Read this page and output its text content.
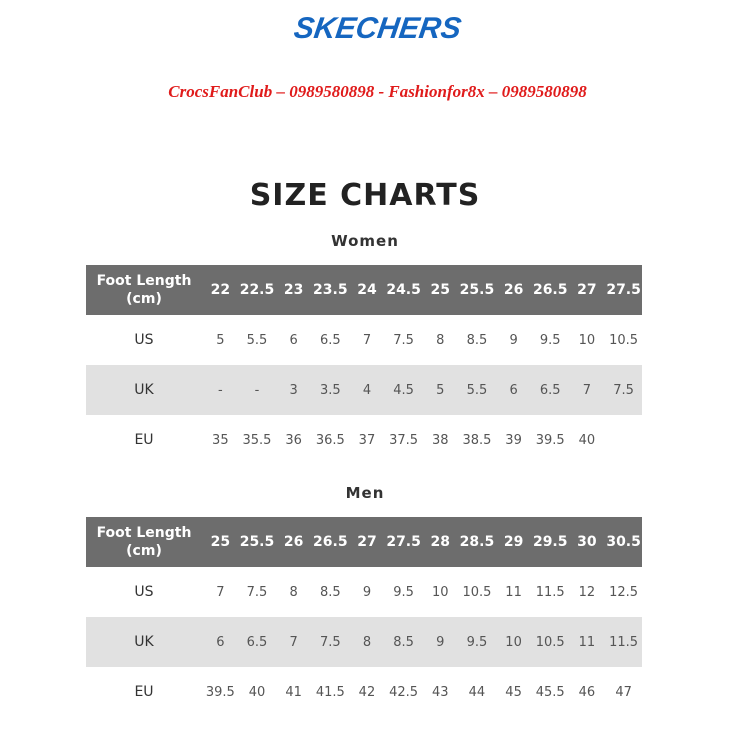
SKECHERS
CrocsFanClub – 0989580898 - Fashionfor8x – 0989580898
SIZE CHARTS
Women
Foot Length
(cm)	22	22.5	23	23.5	24	24.5	25	25.5	26	26.5	27	27.5
US	5	5.5	6	6.5	7	7.5	8	8.5	9	9.5	10	10.5
UK	-	-	3	3.5	4	4.5	5	5.5	6	6.5	7	7.5
EU	35	35.5	36	36.5	37	37.5	38	38.5	39	39.5	40	
Men
Foot Length
(cm)	25	25.5	26	26.5	27	27.5	28	28.5	29	29.5	30	30.5
US	7	7.5	8	8.5	9	9.5	10	10.5	11	11.5	12	12.5
UK	6	6.5	7	7.5	8	8.5	9	9.5	10	10.5	11	11.5
EU	39.5	40	41	41.5	42	42.5	43	44	45	45.5	46	47
